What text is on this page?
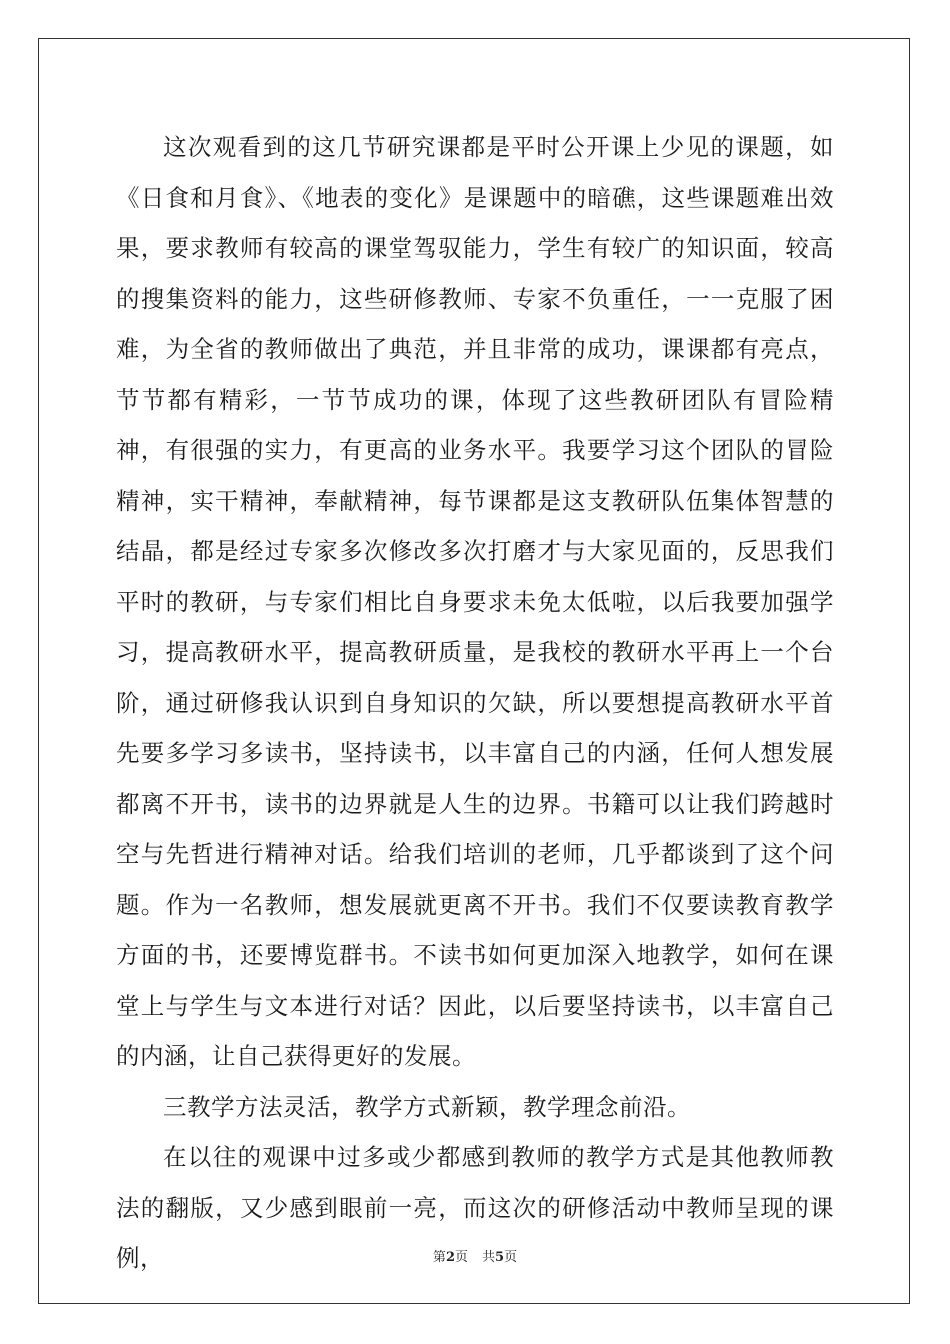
这次观看到的这几节研究课都是平时公开课上少见的课题，如《日食和月食》、《地表的变化》是课题中的暗礁，这些课题难出效果，要求教师有较高的课堂驾驭能力，学生有较广的知识面，较高的搜集资料的能力，这些研修教师、专家不负重任，一一克服了困难，为全省的教师做出了典范，并且非常的成功，课课都有亮点，节节都有精彩，一节节成功的课，体现了这些教研团队有冒险精神，有很强的实力，有更高的业务水平。我要学习这个团队的冒险精神，实干精神，奉献精神，每节课都是这支教研队伍集体智慧的结晶，都是经过专家多次修改多次打磨才与大家见面的，反思我们平时的教研，与专家们相比自身要求未免太低啦，以后我要加强学习，提高教研水平，提高教研质量，是我校的教研水平再上一个台阶，通过研修我认识到自身知识的欠缺，所以要想提高教研水平首先要多学习多读书，坚持读书，以丰富自己的内涵，任何人想发展都离不开书，读书的边界就是人生的边界。书籍可以让我们跨越时空与先哲进行精神对话。给我们培训的老师，几乎都谈到了这个问题。作为一名教师，想发展就更离不开书。我们不仅要读教育教学方面的书，还要博览群书。不读书如何更加深入地教学，如何在课堂上与学生与文本进行对话？因此，以后要坚持读书，以丰富自己的内涵，让自己获得更好的发展。

三教学方法灵活，教学方式新颖，教学理念前沿。

在以往的观课中过多或少都感到教师的教学方式是其他教师教法的翻版，又少感到眼前一亮，而这次的研修活动中教师呈现的课例，	第2页 共5页
